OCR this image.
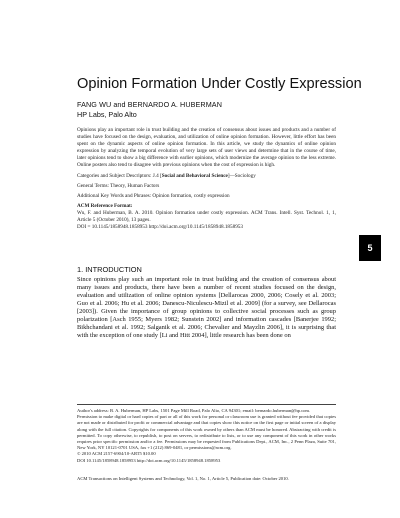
Opinion Formation Under Costly Expression
FANG WU and BERNARDO A. HUBERMAN
HP Labs, Palo Alto
Opinions play an important role in trust building and the creation of consensus about issues and products and a number of studies have focused on the design, evaluation, and utilization of online opinion formation. However, little effort has been spent on the dynamic aspects of online opinion formation. In this article, we study the dynamics of online opinion expression by analyzing the temporal evolution of very large sets of user views and determine that in the course of time, later opinions tend to show a big difference with earlier opinions, which modernize the average opinion to the less extreme. Online posters also tend to disagree with previous opinions when the cost of expression is high.
Categories and Subject Descriptors: J.4 [Social and Behavioral Science]—Sociology
General Terms: Theory, Human Factors
Additional Key Words and Phrases: Opinion formation, costly expression
ACM Reference Format:
Wu, F. and Huberman, B. A. 2010. Opinion formation under costly expression. ACM Trans. Intell. Syst. Technol. 1, 1, Article 5 (October 2010), 13 pages.
DOI = 10.1145/1858948.1858953 http://doi.acm.org/10.1145/1858948.1858953
1. INTRODUCTION
Since opinions play such an important role in trust building and the creation of consensus about many issues and products, there have been a number of recent studies focused on the design, evaluation and utilization of online opinion systems [Dellarocas 2000, 2006; Cosely et al. 2003; Guo et al. 2006; Hu et al. 2006; Danescu-Niculescu-Mizil et al. 2009] (for a survey, see Dellarocas [2003]). Given the importance of group opinions to collective social processes such as group polarization [Asch 1955; Myers 1982; Sunstein 2002] and information cascades [Banerjee 1992; Bikhchandani et al. 1992; Salganik et al. 2006; Chevalier and Mayzlin 2006], it is surprising that with the exception of one study [Li and Hitt 2004], little research has been done on
Author's address: B. A. Huberman, HP Labs, 1501 Page Mill Road, Palo Alto, CA 94301; email: bernardo.huberman@hp.com.
Permission to make digital or hard copies of part or all of this work for personal or classroom use is granted without fee provided that copies are not made or distributed for profit or commercial advantage and that copies show this notice on the first page or initial screen of a display along with the full citation. Copyrights for components of this work owned by others than ACM must be honored. Abstracting with credit is permitted. To copy otherwise, to republish, to post on servers, to redistribute to lists, or to use any component of this work in other works requires prior specific permission and/or a fee. Permissions may be requested from Publications Dept., ACM, Inc., 2 Penn Plaza, Suite 701, New York, NY 10121-0701 USA, fax +1 (212) 869-0481, or permissions@acm.org.
© 2010 ACM 2157-6904/10-ART5 $10.00
DOI 10.1145/1858948.1858953 http://doi.acm.org/10.1145/1858948.1858953
ACM Transactions on Intelligent Systems and Technology, Vol. 1, No. 1, Article 5, Publication date: October 2010.
5
